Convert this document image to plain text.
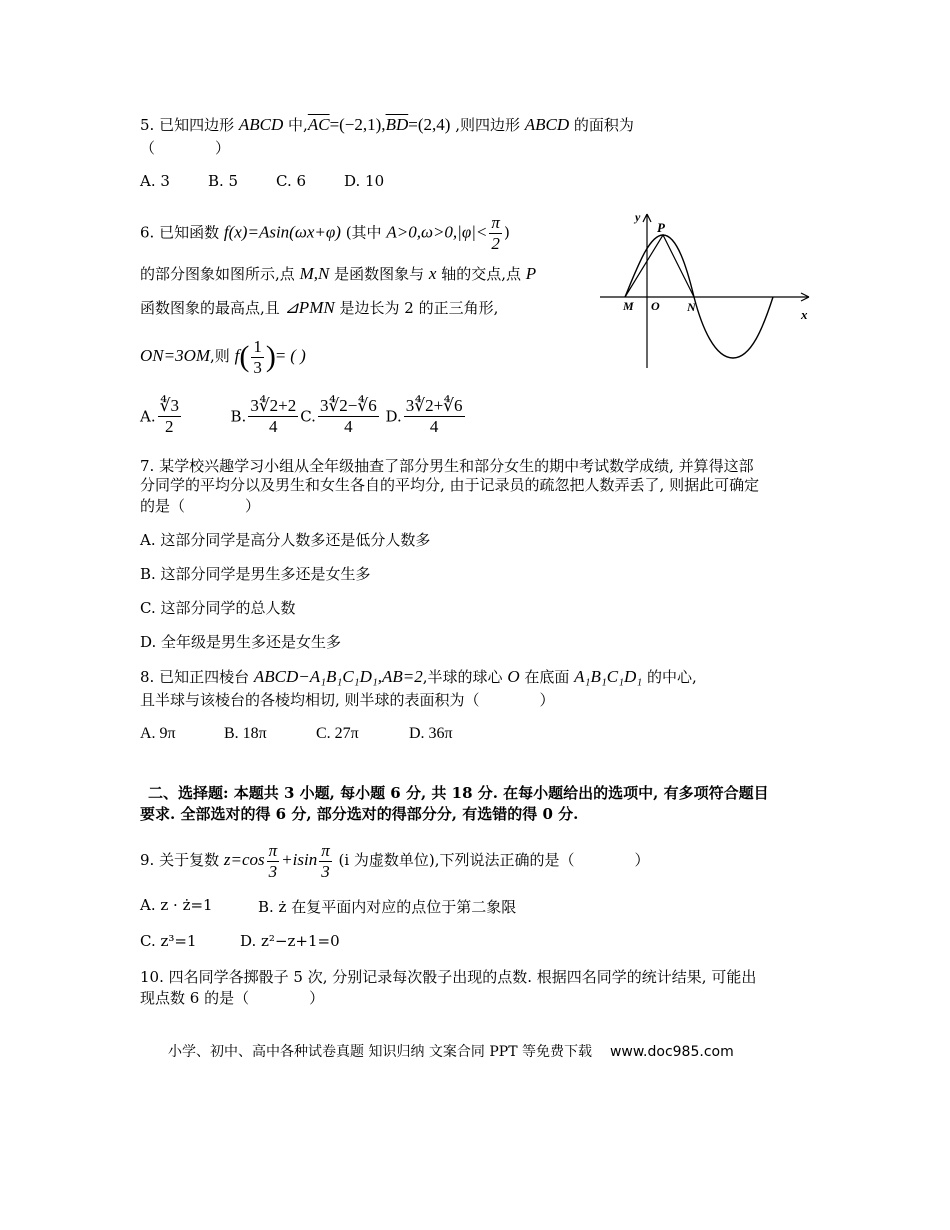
5. 已知四边形 ABCD 中$,\overline{AC}=(-2,1),\overline{BD}=(2,4)$ ,则四边形 ABCD 的面积为
（　　　　）
A. 3	B. 5	C. 6	D. 10
6. 已知函数 f(x)=Asin(ωx+φ) (其中 $A>0,\omega>0,|\varphi|< \frac{\pi}{2}$ )
的部分图象如图所示,点 M,N 是函数图象与 x 轴的交点,点 P
函数图象的最高点,且 ⊿PMN 是边长为 2 的正三角形,
ON=3OM,则 $f( \frac{1}{3}$ )= ( )
A. $\frac{∜3}{2}$	B. $\frac{3∜2+2}{4} C$. $\frac{3∜2-∜6}{4} D$. $\frac{3∜2+∜6}{4}$
y
x
P
M O N
7. 某学校兴趣学习小组从全年级抽查了部分男生和部分女生的期中考试数学成绩, 并算得这部
分同学的平均分以及男生和女生各自的平均分, 由于记录员的疏忽把人数弄丢了, 则据此可确定
的是（　　　　）
A. 这部分同学是高分人数多还是低分人数多
B. 这部分同学是男生多还是女生多
C. 这部分同学的总人数
D. 全年级是男生多还是女生多
8. 已知正四棱台 ABCD−A₁B₁C₁D₁,AB=2,半球的球心 O 在底面 A₁B₁C₁D₁ 的中心,
且半球与该棱台的各棱均相切, 则半球的表面积为（　　　　）
A. 9π	B. 18π	C. 27π	D. 36π
二、选择题: 本题共 3 小题, 每小题 6 分, 共 18 分. 在每小题给出的选项中, 有多项符合题目
要求. 全部选对的得 6 分, 部分选对的得部分分, 有选错的得 0 分.
9. 关于复数 $z=\cos \frac{\pi}{3} +isin \frac{\pi}{3} (i$ 为虚数单位),下列说法正确的是（　　　　）
A. z · ż=1	B. ż 在复平面内对应的点位于第二象限
C. z³=1	D. z²−z+1=0
10. 四名同学各掷骰子 5 次, 分别记录每次骰子出现的点数. 根据四名同学的统计结果, 可能出
现点数 6 的是（　　　　）
小学、初中、高中各种试卷真题 知识归纳 文案合同 PPT 等免费下载 www.doc985.com
